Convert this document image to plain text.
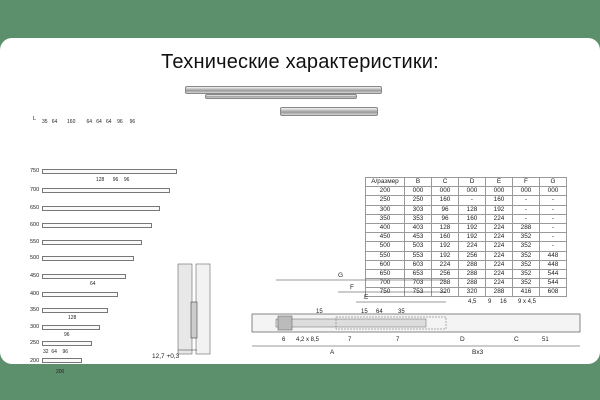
Технические характеристики:
L 35 64 160 64 64 64 96 96
750
128 96 96
700
650
600
550
500
450
64
400
350
128
300
96
250
32 64 96
200
200
A/размер	B	C	D	E	F	G
200	000	000	000	000	000	000
250	250	160	-	160	-	-
300	303	96	128	192	-	-
350	353	96	160	224	-	-
400	403	128	192	224	288	-
450	453	160	192	224	352	-
500	503	192	224	224	352	-
550	553	192	256	224	352	448
600	603	224	288	224	352	448
650	653	256	288	224	352	544
700	703	288	288	224	352	544
750	753	320	320	288	416	608
12,7 +0,3
G
F
E
15	15 64	35
4,5 9 16 9 x 4,5
6 4,2 x 8,5	7	7	D	C	51
A	Bx3
